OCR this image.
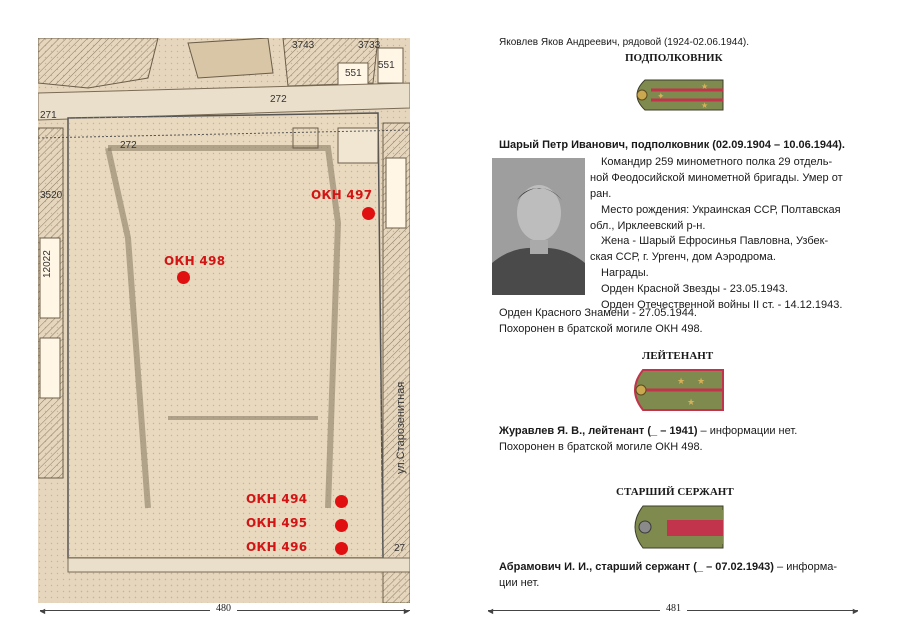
3743	3733
551
551
272
272
271
3520
12022
27
ул.Старозенитная
ОКН 497
ОКН 498
ОКН 494
ОКН 495
ОКН 496
◄	►
480
Яковлев Яков Андреевич, рядовой (1924-02.06.1944).
ПОДПОЛКОВНИК
✦
★
★
Шарый Петр Иванович, подполковник (02.09.1904 – 10.06.1944).
Командир 259 минометного полка 29 отдель-
ной Феодосийской минометной бригады. Умер от
ран.
Место рождения: Украинская ССР, Полтавская
обл., Ирклеевский р-н.
Жена - Шарый Ефросинья Павловна, Узбек-
ская ССР, г. Ургенч, дом Аэродрома.
Награды.
Орден Красной Звезды - 23.05.1943.
Орден Отечественной войны II ст. - 14.12.1943.
Орден Красного Знамени - 27.05.1944.
Похоронен в братской могиле ОКН 498.
ЛЕЙТЕНАНТ
★ ★
★
Журавлев Я. В., лейтенант (_ – 1941) – информации нет.
Похоронен в братской могиле ОКН 498.
СТАРШИЙ СЕРЖАНТ
Абрамович И. И., старший сержант (_ – 07.02.1943) – информа-
ции нет.
◄	►
481
